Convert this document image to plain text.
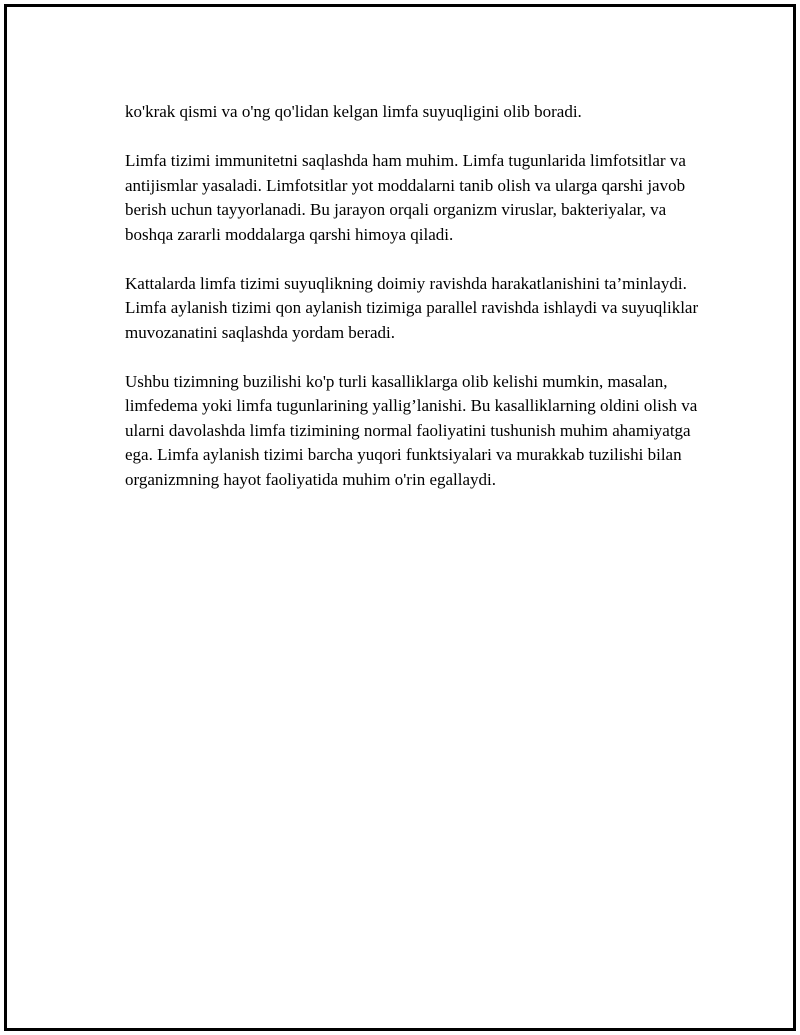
ko'krak qismi va o'ng qo'lidan kelgan limfa suyuqligini olib boradi.

Limfa tizimi immunitetni saqlashda ham muhim. Limfa tugunlarida limfotsitlar va antijismlar yasaladi. Limfotsitlar yot moddalarni tanib olish va ularga qarshi javob berish uchun tayyorlanadi. Bu jarayon orqali organizm viruslar, bakteriyalar, va boshqa zararli moddalarga qarshi himoya qiladi.

Kattalarda limfa tizimi suyuqlikning doimiy ravishda harakatlanishini ta’minlaydi. Limfa aylanish tizimi qon aylanish tizimiga parallel ravishda ishlaydi va suyuqliklar muvozanatini saqlashda yordam beradi.

Ushbu tizimning buzilishi ko'p turli kasalliklarga olib kelishi mumkin, masalan, limfedema yoki limfa tugunlarining yallig’lanishi. Bu kasalliklarning oldini olish va ularni davolashda limfa tizimining normal faoliyatini tushunish muhim ahamiyatga ega. Limfa aylanish tizimi barcha yuqori funktsiyalari va murakkab tuzilishi bilan organizmning hayot faoliyatida muhim o'rin egallaydi.
